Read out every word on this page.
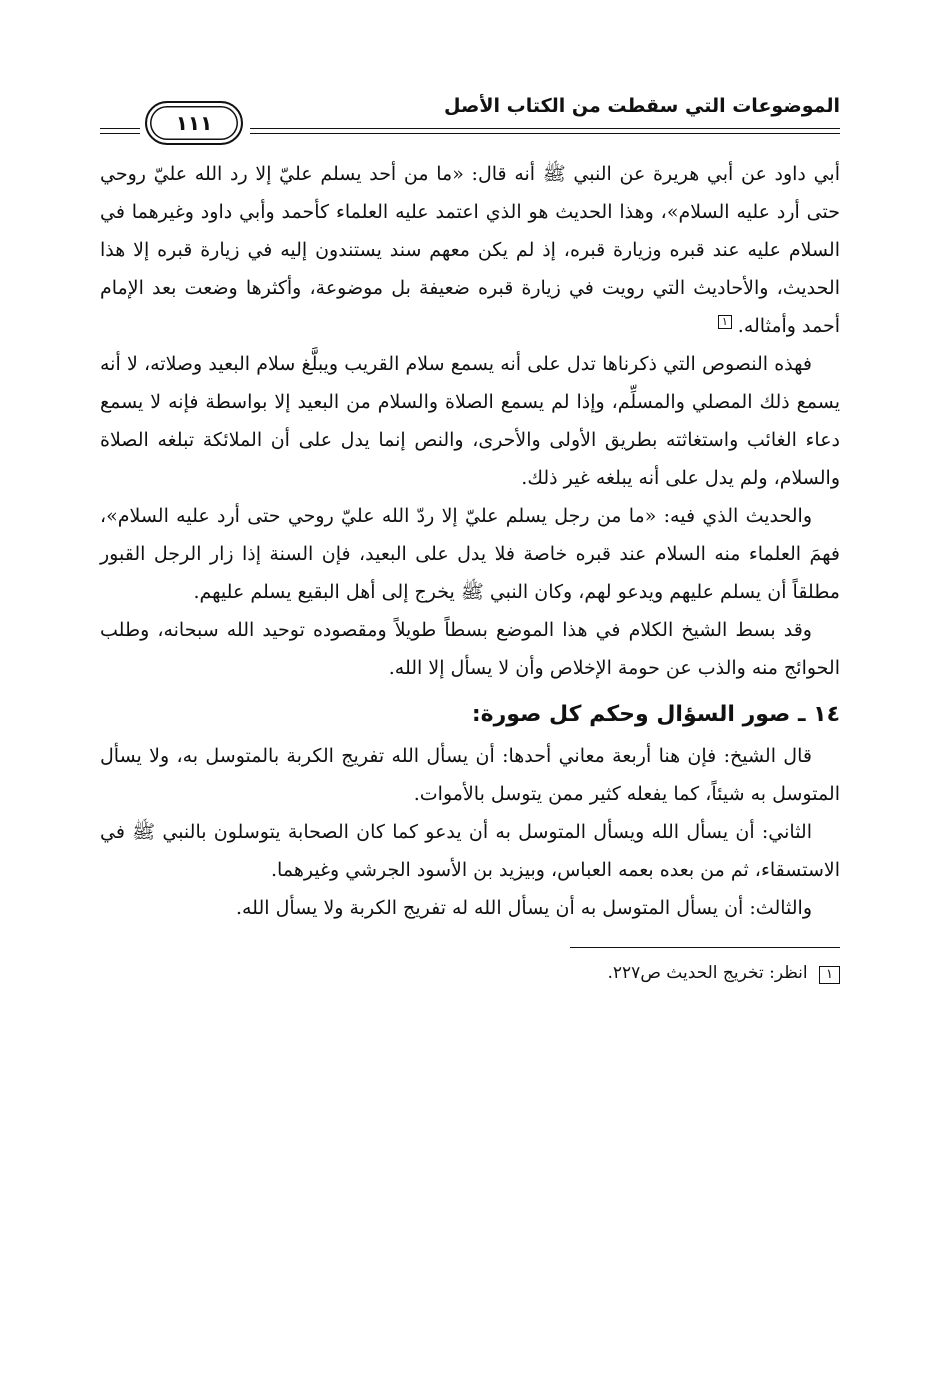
الموضوعات التي سقطت من الكتاب الأصل
١١١

أبي داود عن أبي هريرة عن النبي ﷺ أنه قال: «ما من أحد يسلم عليّ إلا رد الله عليّ روحي حتى أرد عليه السلام»، وهذا الحديث هو الذي اعتمد عليه العلماء كأحمد وأبي داود وغيرهما في السلام عليه عند قبره وزيارة قبره، إذ لم يكن معهم سند يستندون إليه في زيارة قبره إلا هذا الحديث، والأحاديث التي رويت في زيارة قبره ضعيفة بل موضوعة، وأكثرها وضعت بعد الإمام أحمد وأمثاله. ١

فهذه النصوص التي ذكرناها تدل على أنه يسمع سلام القريب ويبلَّغ سلام البعيد وصلاته، لا أنه يسمع ذلك المصلي والمسلِّم، وإذا لم يسمع الصلاة والسلام من البعيد إلا بواسطة فإنه لا يسمع دعاء الغائب واستغاثته بطريق الأولى والأحرى، والنص إنما يدل على أن الملائكة تبلغه الصلاة والسلام، ولم يدل على أنه يبلغه غير ذلك.

والحديث الذي فيه: «ما من رجل يسلم عليّ إلا ردّ الله عليّ روحي حتى أرد عليه السلام»، فهمَ العلماء منه السلام عند قبره خاصة فلا يدل على البعيد، فإن السنة إذا زار الرجل القبور مطلقاً أن يسلم عليهم ويدعو لهم، وكان النبي ﷺ يخرج إلى أهل البقيع يسلم عليهم.

وقد بسط الشيخ الكلام في هذا الموضع بسطاً طويلاً ومقصوده توحيد الله سبحانه، وطلب الحوائج منه والذب عن حومة الإخلاص وأن لا يسأل إلا الله.

١٤ ـ صور السؤال وحكم كل صورة:

قال الشيخ: فإن هنا أربعة معاني أحدها: أن يسأل الله تفريج الكربة بالمتوسل به، ولا يسأل المتوسل به شيئاً، كما يفعله كثير ممن يتوسل بالأموات.

الثاني: أن يسأل الله ويسأل المتوسل به أن يدعو كما كان الصحابة يتوسلون بالنبي ﷺ في الاستسقاء، ثم من بعده بعمه العباس، وبيزيد بن الأسود الجرشي وغيرهما.

والثالث: أن يسأل المتوسل به أن يسأل الله له تفريج الكربة ولا يسأل الله.

١ انظر: تخريج الحديث ص٢٢٧.
